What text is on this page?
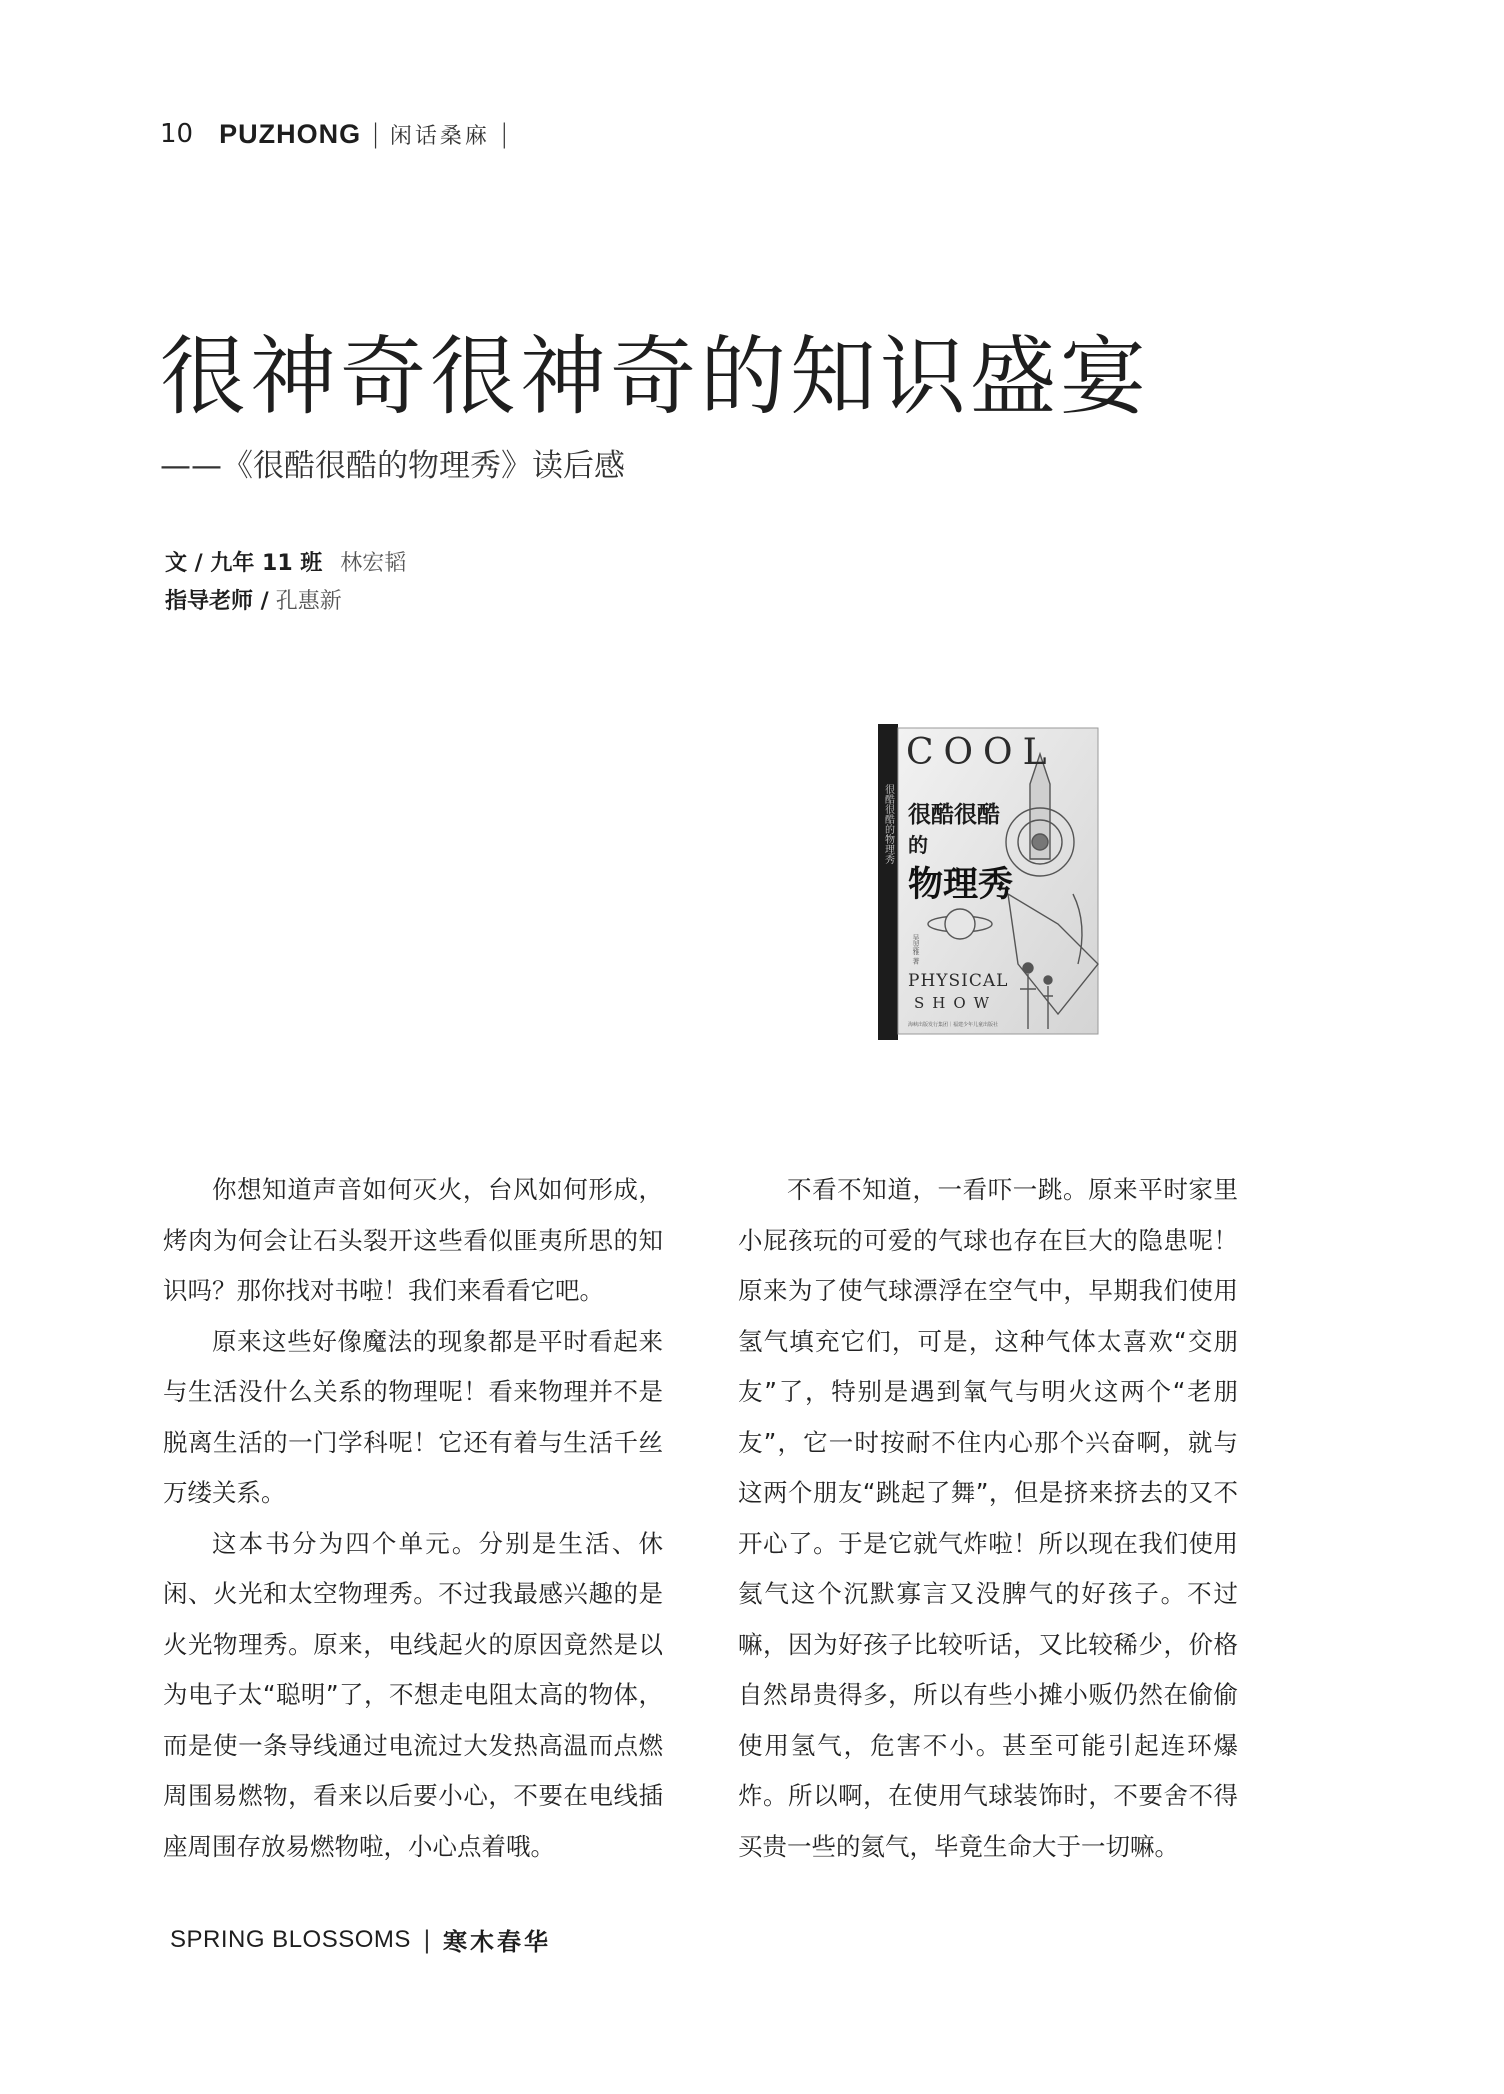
10 PUZHONG | 闲话桑麻 |
很神奇很神奇的知识盛宴
——《很酷很酷的物理秀》读后感
文 / 九年 11 班 林宏韬
指导老师 / 孔惠新
很酷很酷的物理秀
COOL
很酷很酷
的
物理秀
吴翌雅 著
PHYSICAL
SHOW
海峡出版发行集团｜福建少年儿童出版社

你想知道声音如何灭火，台风如何形成，烤肉为何会让石头裂开这些看似匪夷所思的知识吗？那你找对书啦！我们来看看它吧。

原来这些好像魔法的现象都是平时看起来与生活没什么关系的物理呢！看来物理并不是脱离生活的一门学科呢！它还有着与生活千丝万缕关系。

这本书分为四个单元。分别是生活、休闲、火光和太空物理秀。不过我最感兴趣的是火光物理秀。原来，电线起火的原因竟然是以为电子太“聪明”了，不想走电阻太高的物体，而是使一条导线通过电流过大发热高温而点燃周围易燃物，看来以后要小心，不要在电线插座周围存放易燃物啦，小心点着哦。

不看不知道，一看吓一跳。原来平时家里小屁孩玩的可爱的气球也存在巨大的隐患呢！原来为了使气球漂浮在空气中，早期我们使用氢气填充它们，可是，这种气体太喜欢“交朋友”了，特别是遇到氧气与明火这两个“老朋友”，它一时按耐不住内心那个兴奋啊，就与这两个朋友“跳起了舞”，但是挤来挤去的又不开心了。于是它就气炸啦！所以现在我们使用氦气这个沉默寡言又没脾气的好孩子。不过嘛，因为好孩子比较听话，又比较稀少，价格自然昂贵得多，所以有些小摊小贩仍然在偷偷使用氢气，危害不小。甚至可能引起连环爆炸。所以啊，在使用气球装饰时，不要舍不得买贵一些的氦气，毕竟生命大于一切嘛。

SPRING BLOSSOMS | 寒木春华
